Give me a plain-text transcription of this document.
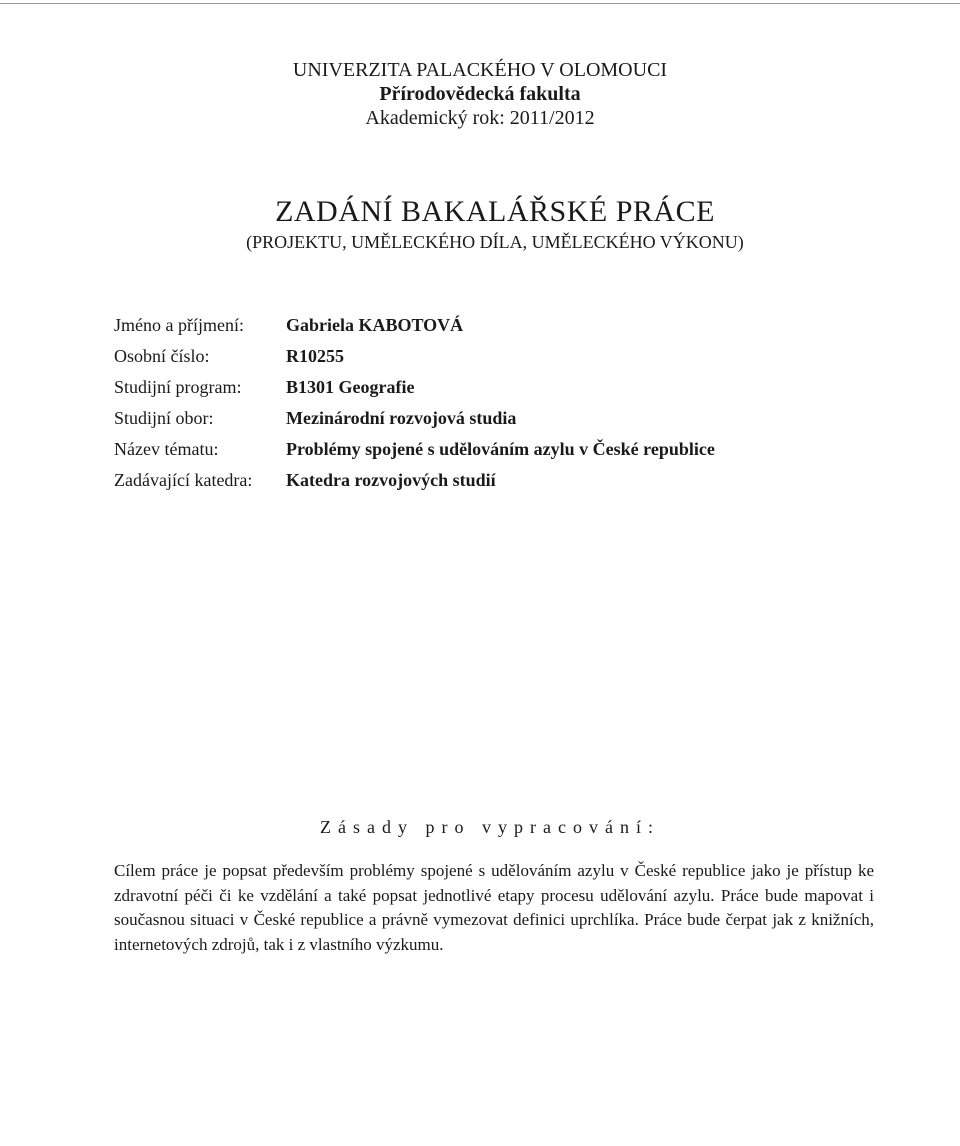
UNIVERZITA PALACKÉHO V OLOMOUCI
Přírodovědecká fakulta
Akademický rok: 2011/2012
ZADÁNÍ BAKALÁŘSKÉ PRÁCE
(PROJEKTU, UMĚLECKÉHO DÍLA, UMĚLECKÉHO VÝKONU)
Jméno a příjmení:	Gabriela KABOTOVÁ
Osobní číslo:	R10255
Studijní program:	B1301 Geografie
Studijní obor:	Mezinárodní rozvojová studia
Název tématu:	Problémy spojené s udělováním azylu v České republice
Zadávající katedra:	Katedra rozvojových studií
Zásady pro vypracování:
Cílem práce je popsat především problémy spojené s udělováním azylu v České republice jako je přístup ke zdravotní péči či ke vzdělání a také popsat jednotlivé etapy procesu udělování azylu. Práce bude mapovat i současnou situaci v České republice a právně vymezovat definici uprchlíka. Práce bude čerpat jak z knižních, internetových zdrojů, tak i z vlastního výzkumu.
